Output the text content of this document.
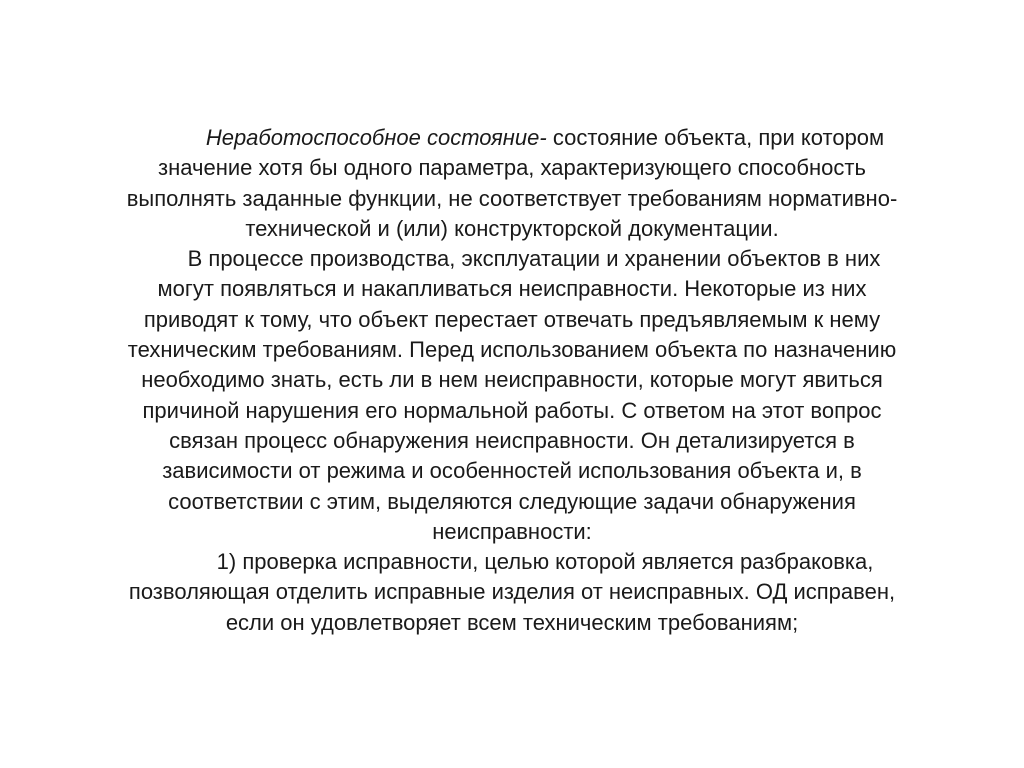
   Неработоспособное состояние- состояние объекта, при котором
значение хотя бы одного параметра, характеризующего способность
выполнять заданные функции, не соответствует требованиям нормативно-
технической и (или) конструкторской документации.

  В процессе производства, эксплуатации и хранении объектов в них
могут появляться и накапливаться неисправности. Некоторые из них
приводят к тому, что объект перестает отвечать предъявляемым к нему
техническим требованиям. Перед использованием объекта по назначению
необходимо знать, есть ли в нем неисправности, которые могут явиться
причиной нарушения его нормальной работы. С ответом на этот вопрос
связан процесс обнаружения неисправности. Он детализируется в
зависимости от режима и особенностей использования объекта и, в
соответствии с этим, выделяются следующие задачи обнаружения
неисправности:

   1) проверка исправности, целью которой является разбраковка,
позволяющая отделить исправные изделия от неисправных. ОД исправен,
если он удовлетворяет всем техническим требованиям;
